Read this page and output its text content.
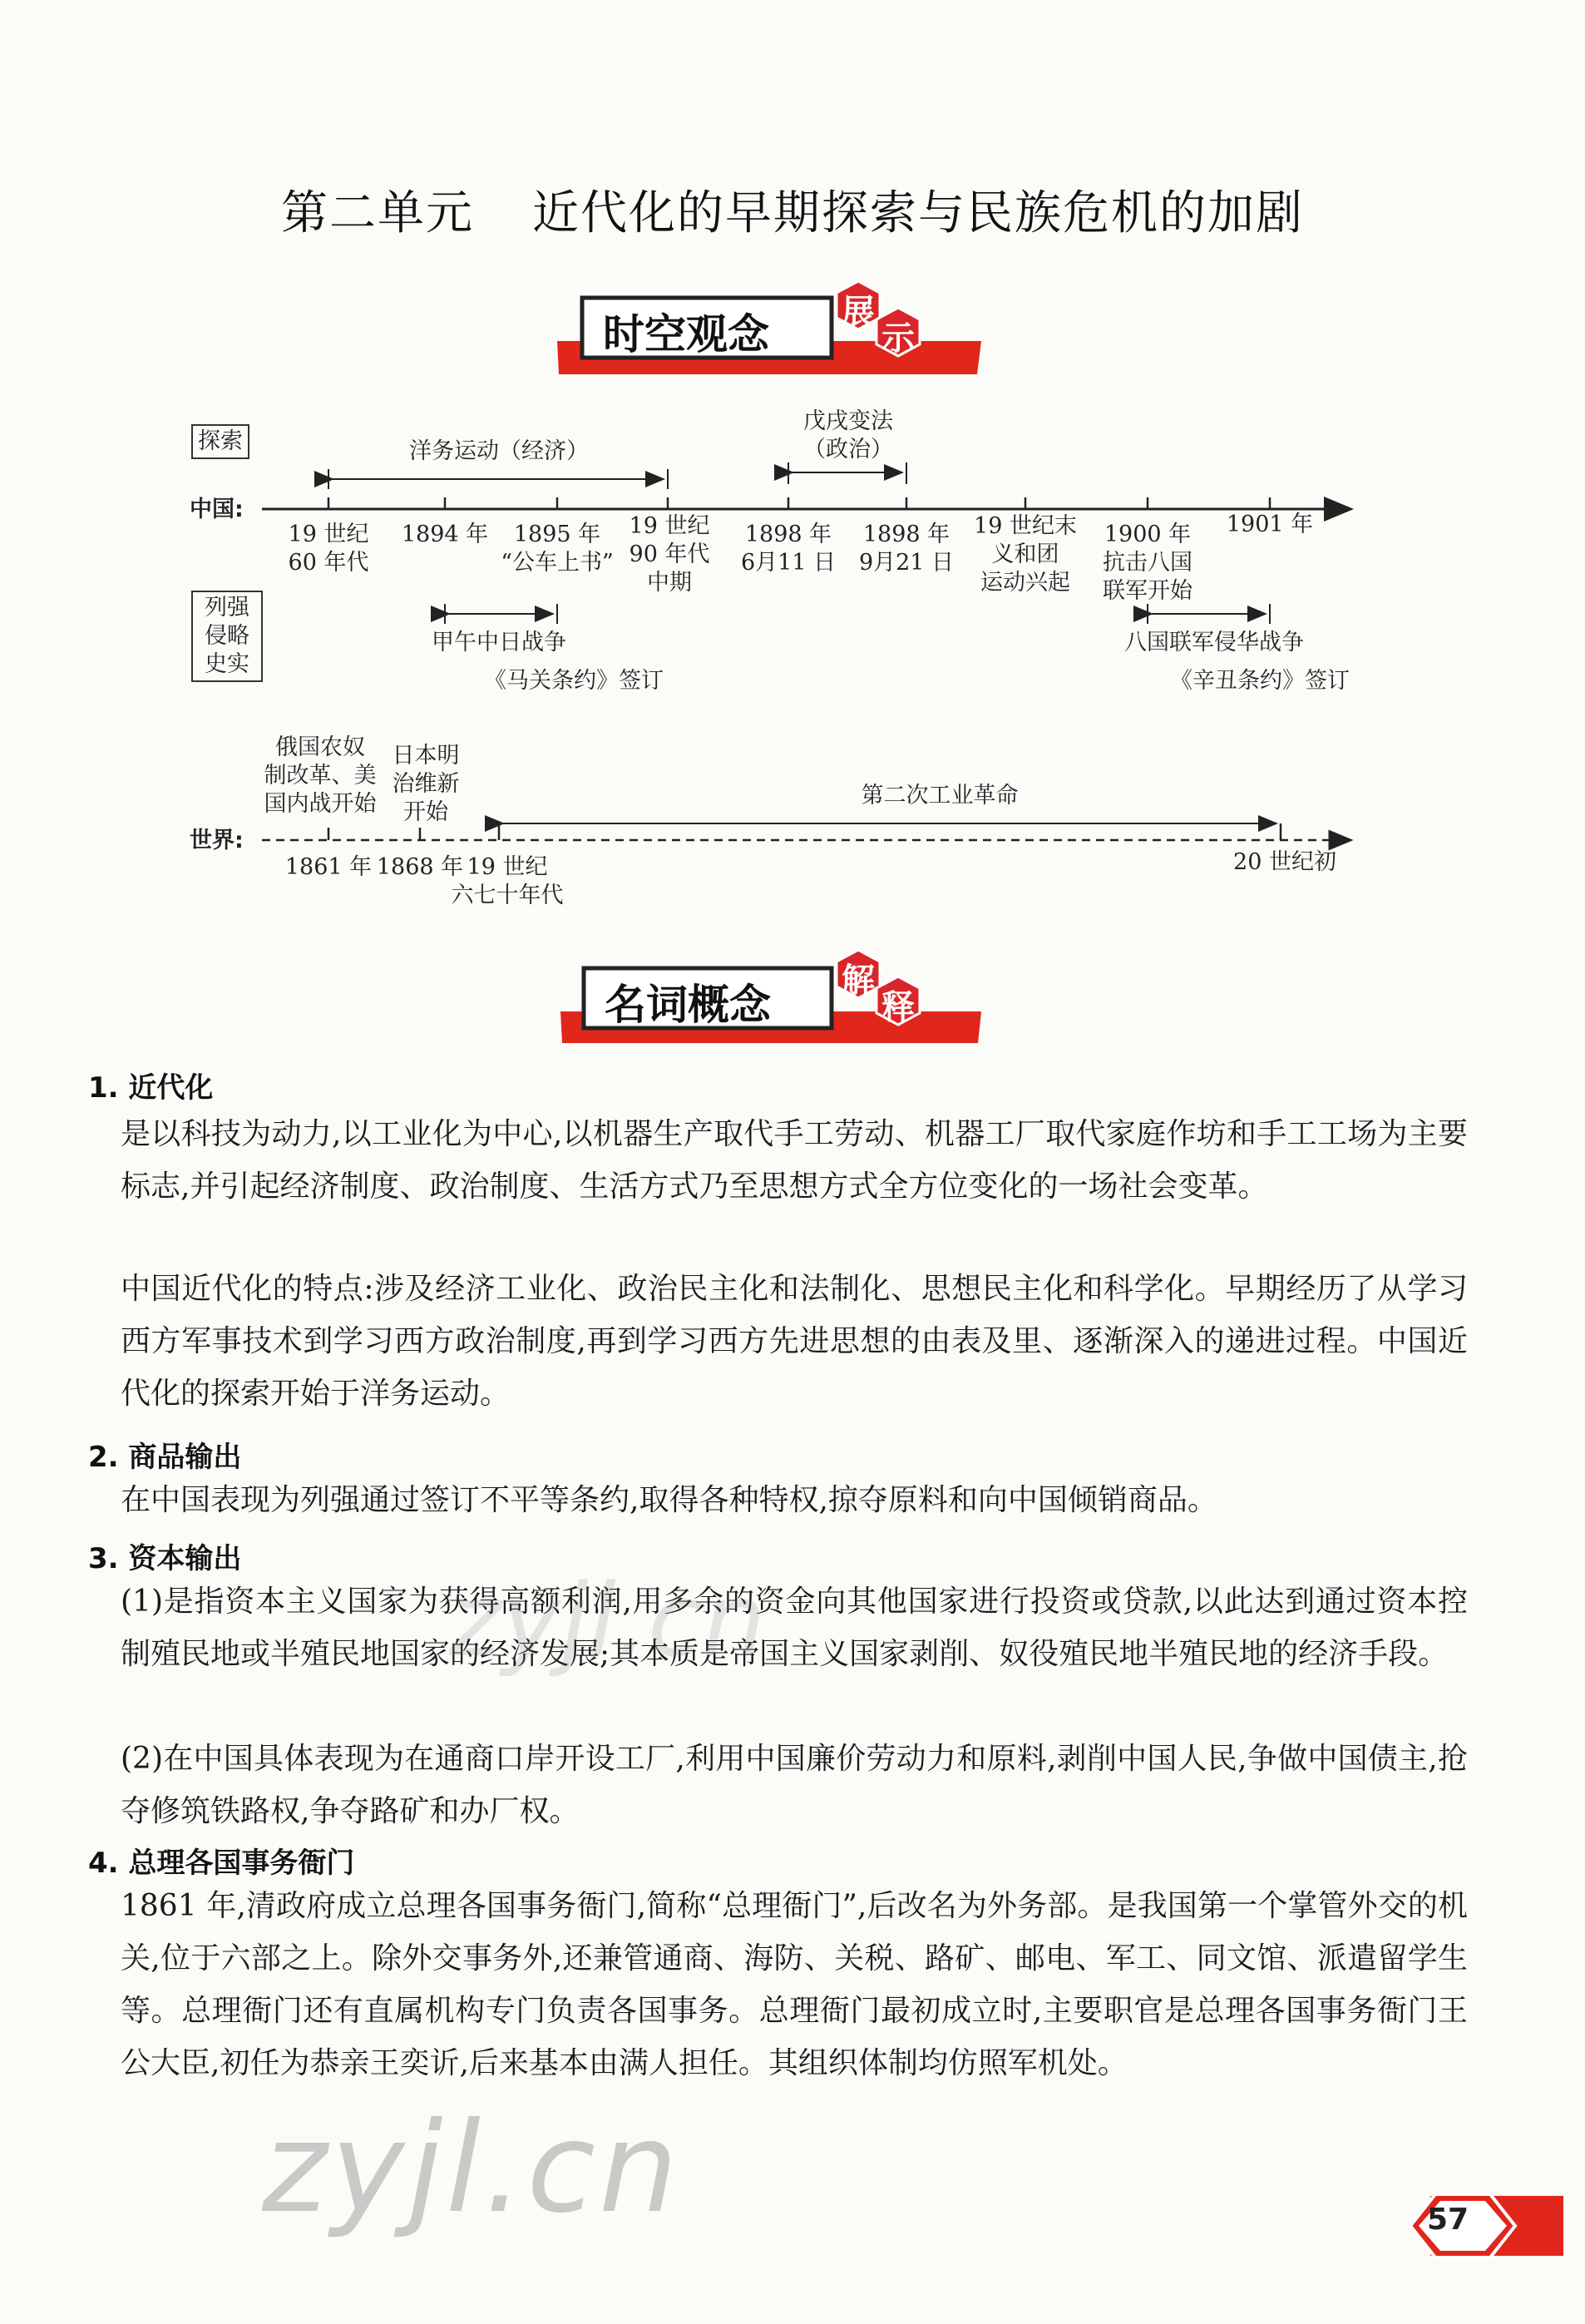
第二单元 近代化的早期探索与民族危机的加剧
时空观念 展
示
探索
中国:
列强
侵略
史实
世界:
洋务运动（经济）
戊戌变法
（政治）
19 世纪
60 年代
1894 年	1895 年
“公车上书”
19 世纪
90 年代
中期
1898 年
6月11 日
1898 年
9月21 日
19 世纪末
义和团
运动兴起
1900 年
抗击八国
联军开始
1901 年
甲午中日战争
《马关条约》签订
八国联军侵华战争
《辛丑条约》签订
俄国农奴
制改革、美
国内战开始
日本明
治维新
开始
第二次工业革命
1861 年 1868 年 19 世纪
六七十年代
20 世纪初
名词概念 解
释
1. 近代化
是以科技为动力,以工业化为中心,以机器生产取代手工劳动、机器工厂取代家庭作坊和手工工场为主要标志,并引起经济制度、政治制度、生活方式乃至思想方式全方位变化的一场社会变革。
中国近代化的特点:涉及经济工业化、政治民主化和法制化、思想民主化和科学化。早期经历了从学习西方军事技术到学习西方政治制度,再到学习西方先进思想的由表及里、逐渐深入的递进过程。中国近代化的探索开始于洋务运动。
2. 商品输出
在中国表现为列强通过签订不平等条约,取得各种特权,掠夺原料和向中国倾销商品。
3. 资本输出
(1)是指资本主义国家为获得高额利润,用多余的资金向其他国家进行投资或贷款,以此达到通过资本控制殖民地或半殖民地国家的经济发展;其本质是帝国主义国家剥削、奴役殖民地半殖民地的经济手段。
(2)在中国具体表现为在通商口岸开设工厂,利用中国廉价劳动力和原料,剥削中国人民,争做中国债主,抢夺修筑铁路权,争夺路矿和办厂权。
4. 总理各国事务衙门
1861 年,清政府成立总理各国事务衙门,简称“总理衙门”,后改名为外务部。是我国第一个掌管外交的机关,位于六部之上。除外交事务外,还兼管通商、海防、关税、路矿、邮电、军工、同文馆、派遣留学生等。总理衙门还有直属机构专门负责各国事务。总理衙门最初成立时,主要职官是总理各国事务衙门王公大臣,初任为恭亲王奕䜣,后来基本由满人担任。其组织体制均仿照军机处。
zyjl.cn
zyjl.cn	57
